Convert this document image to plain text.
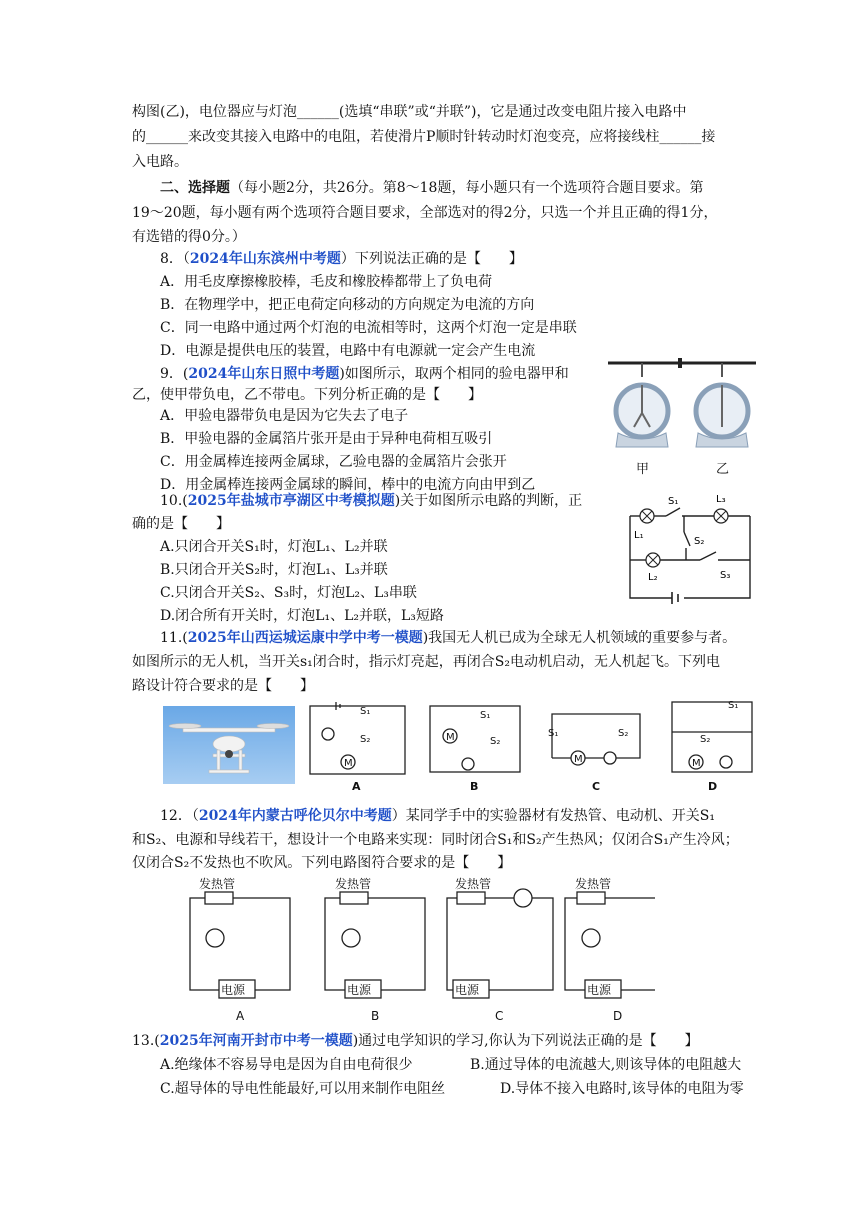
构图(乙)，电位器应与灯泡______(选填“串联”或“并联”)，它是通过改变电阻片接入电路中
的______来改变其接入电路中的电阻，若使滑片P顺时针转动时灯泡变亮，应将接线柱______接
入电路。
二、选择题（每小题2分，共26分。第8～18题，每小题只有一个选项符合题目要求。第
19～20题，每小题有两个选项符合题目要求，全部选对的得2分，只选一个并且正确的得1分，
有选错的得0分。）
8．（2024年山东滨州中考题）下列说法正确的是【　　】
A．用毛皮摩擦橡胶棒，毛皮和橡胶棒都带上了负电荷
B．在物理学中，把正电荷定向移动的方向规定为电流的方向
C．同一电路中通过两个灯泡的电流相等时，这两个灯泡一定是串联
D．电源是提供电压的装置，电路中有电源就一定会产生电流
9．(2024年山东日照中考题)如图所示，取两个相同的验电器甲和
乙，使甲带负电，乙不带电。下列分析正确的是【　　】
A．甲验电器带负电是因为它失去了电子
B．甲验电器的金属箔片张开是由于异种电荷相互吸引
C．用金属棒连接两金属球，乙验电器的金属箔片会张开
D．用金属棒连接两金属球的瞬间，棒中的电流方向由甲到乙
甲	乙
10.(2025年盐城市亭湖区中考模拟题)关于如图所示电路的判断，正
确的是【　　】
A.只闭合开关S₁时，灯泡L₁、L₂并联
B.只闭合开关S₂时，灯泡L₁、L₃并联
C.只闭合开关S₂、S₃时，灯泡L₂、L₃串联
D.闭合所有开关时，灯泡L₁、L₂并联，L₃短路
S₁	L₃
L₁
S₂
L₂	S₃
11.(2025年山西运城运康中学中考一模题)我国无人机已成为全球无人机领域的重要参与者。
如图所示的无人机，当开关s₁闭合时，指示灯亮起，再闭合S₂电动机启动，无人机起飞。下列电
路设计符合要求的是【　　】
S₁
S₂
M
S₁
S₂
M	S₁	S₂
M
S₁
S₂
M
A	B	C	D
12．（2024年内蒙古呼伦贝尔中考题）某同学手中的实验器材有发热管、电动机、开关S₁
和S₂、电源和导线若干，想设计一个电路来实现：同时闭合S₁和S₂产生热风；仅闭合S₁产生冷风；
仅闭合S₂不发热也不吹风。下列电路图符合要求的是【　　】
发热管
电源
发热管
电源
发热管
电源
发热管
电源
A	B	C	D
13.(2025年河南开封市中考一模题)通过电学知识的学习,你认为下列说法正确的是【　　】
A.绝缘体不容易导电是因为自由电荷很少	B.通过导体的电流越大,则该导体的电阻越大
C.超导体的导电性能最好,可以用来制作电阻丝	D.导体不接入电路时,该导体的电阻为零
